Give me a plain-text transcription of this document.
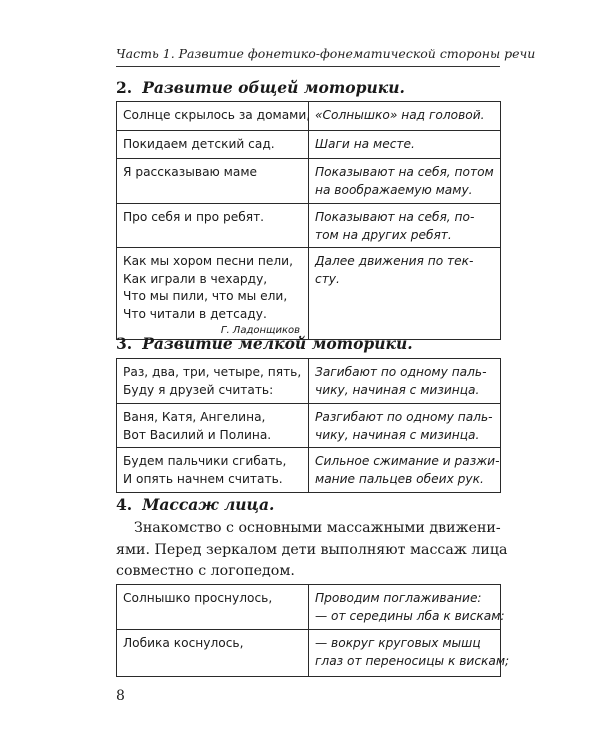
Часть 1. Развитие фонетико-фонематической стороны речи
2. Развитие общей моторики.
Солнце скрылось за домами,	«Солнышко» над головой.

Покидаем детский сад.	Шаги на месте.

Я рассказываю маме	Показывают на себя, потом
на воображаемую маму.

Про себя и про ребят.	Показывают на себя, по-
том на других ребят.

Как мы хором песни пели,
Как играли в чехарду,
Что мы пили, что мы ели,
Что читали в детсаду.
Г. Ладонщиков	Далее движения по тек-
сту.
3. Развитие мелкой моторики.
Раз, два, три, четыре, пять,
Буду я друзей считать:	Загибают по одному паль-
чику, начиная с мизинца.

Ваня, Катя, Ангелина,
Вот Василий и Полина.	Разгибают по одному паль-
чику, начиная с мизинца.

Будем пальчики сгибать,
И опять начнем считать.	Сильное сжимание и разжи-
мание пальцев обеих рук.
4. Массаж лица.
Знакомство с основными массажными движени-
ями. Перед зеркалом дети выполняют массаж лица
совместно с логопедом.
Солнышко проснулось,	Проводим поглаживание:
— от середины лба к вискам:

Лобика коснулось,	— вокруг круговых мышц
глаз от переносицы к вискам;
8
